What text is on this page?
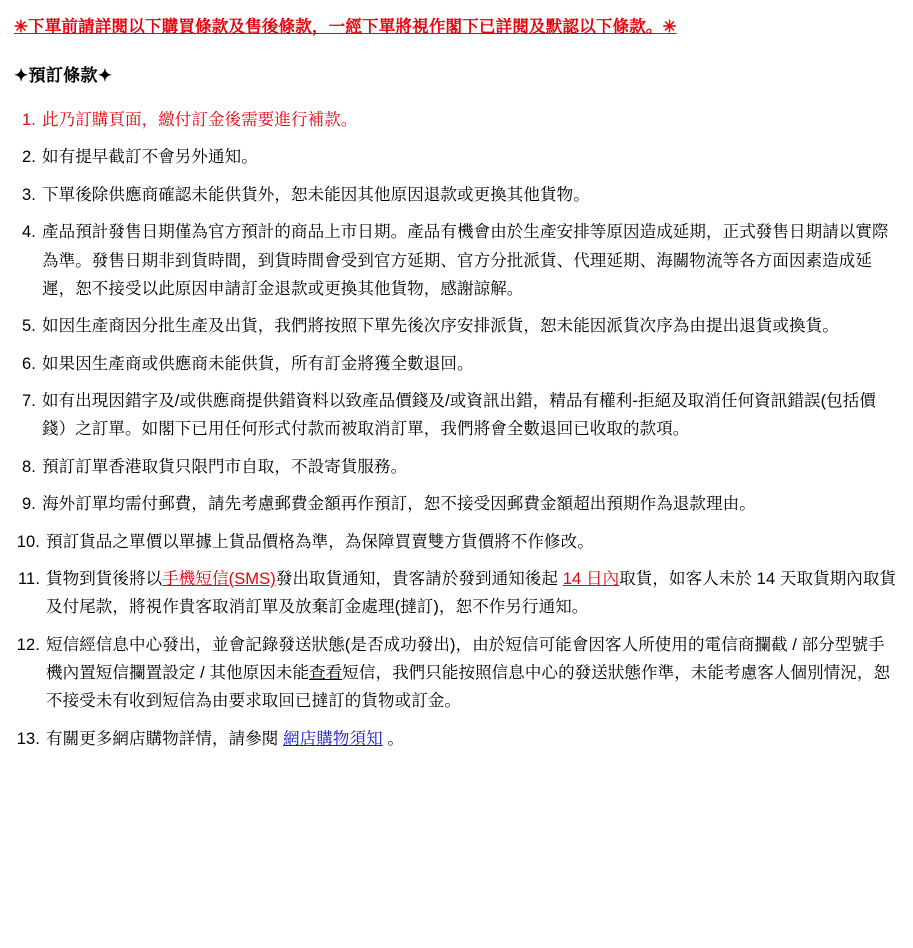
✳下單前請詳閱以下購買條款及售後條款，一經下單將視作閣下已詳閱及默認以下條款。✳
✦預訂條款✦
1. 此乃訂購頁面，繳付訂金後需要進行補款。
2. 如有提早截訂不會另外通知。
3. 下單後除供應商確認未能供貨外，恕未能因其他原因退款或更換其他貨物。
4. 產品預計發售日期僅為官方預計的商品上市日期。產品有機會由於生產安排等原因造成延期，正式發售日期請以實際為準。發售日期非到貨時間，到貨時間會受到官方延期、官方分批派貨、代理延期、海關物流等各方面因素造成延遲，恕不接受以此原因申請訂金退款或更換其他貨物，感謝諒解。
5. 如因生產商因分批生產及出貨，我們將按照下單先後次序安排派貨，恕未能因派貨次序為由提出退貨或換貨。
6. 如果因生產商或供應商未能供貨，所有訂金將獲全數退回。
7. 如有出現因錯字及/或供應商提供錯資料以致產品價錢及/或資訊出錯，精品有權利-拒絕及取消任何資訊錯誤(包括價錢）之訂單。如閣下已用任何形式付款而被取消訂單，我們將會全數退回已收取的款項。
8. 預訂訂單香港取貨只限門市自取，不設寄貨服務。
9. 海外訂單均需付郵費，請先考慮郵費金額再作預訂，恕不接受因郵費金額超出預期作為退款理由。
10. 預訂貨品之單價以單據上貨品價格為準，為保障買賣雙方貨價將不作修改。
11. 貨物到貨後將以手機短信(SMS)發出取貨通知，貴客請於發到通知後起 14 日內取貨，如客人未於 14 天取貨期內取貨及付尾款，將視作貴客取消訂單及放棄訂金處理(撻訂)，恕不作另行通知。
12. 短信經信息中心發出，並會記錄發送狀態(是否成功發出)，由於短信可能會因客人所使用的電信商攔截 / 部分型號手機內置短信攔置設定 / 其他原因未能查看短信，我們只能按照信息中心的發送狀態作準，未能考慮客人個別情況，恕不接受未有收到短信為由要求取回已撻訂的貨物或訂金。
13. 有關更多網店購物詳情，請參閱 網店購物須知 。
